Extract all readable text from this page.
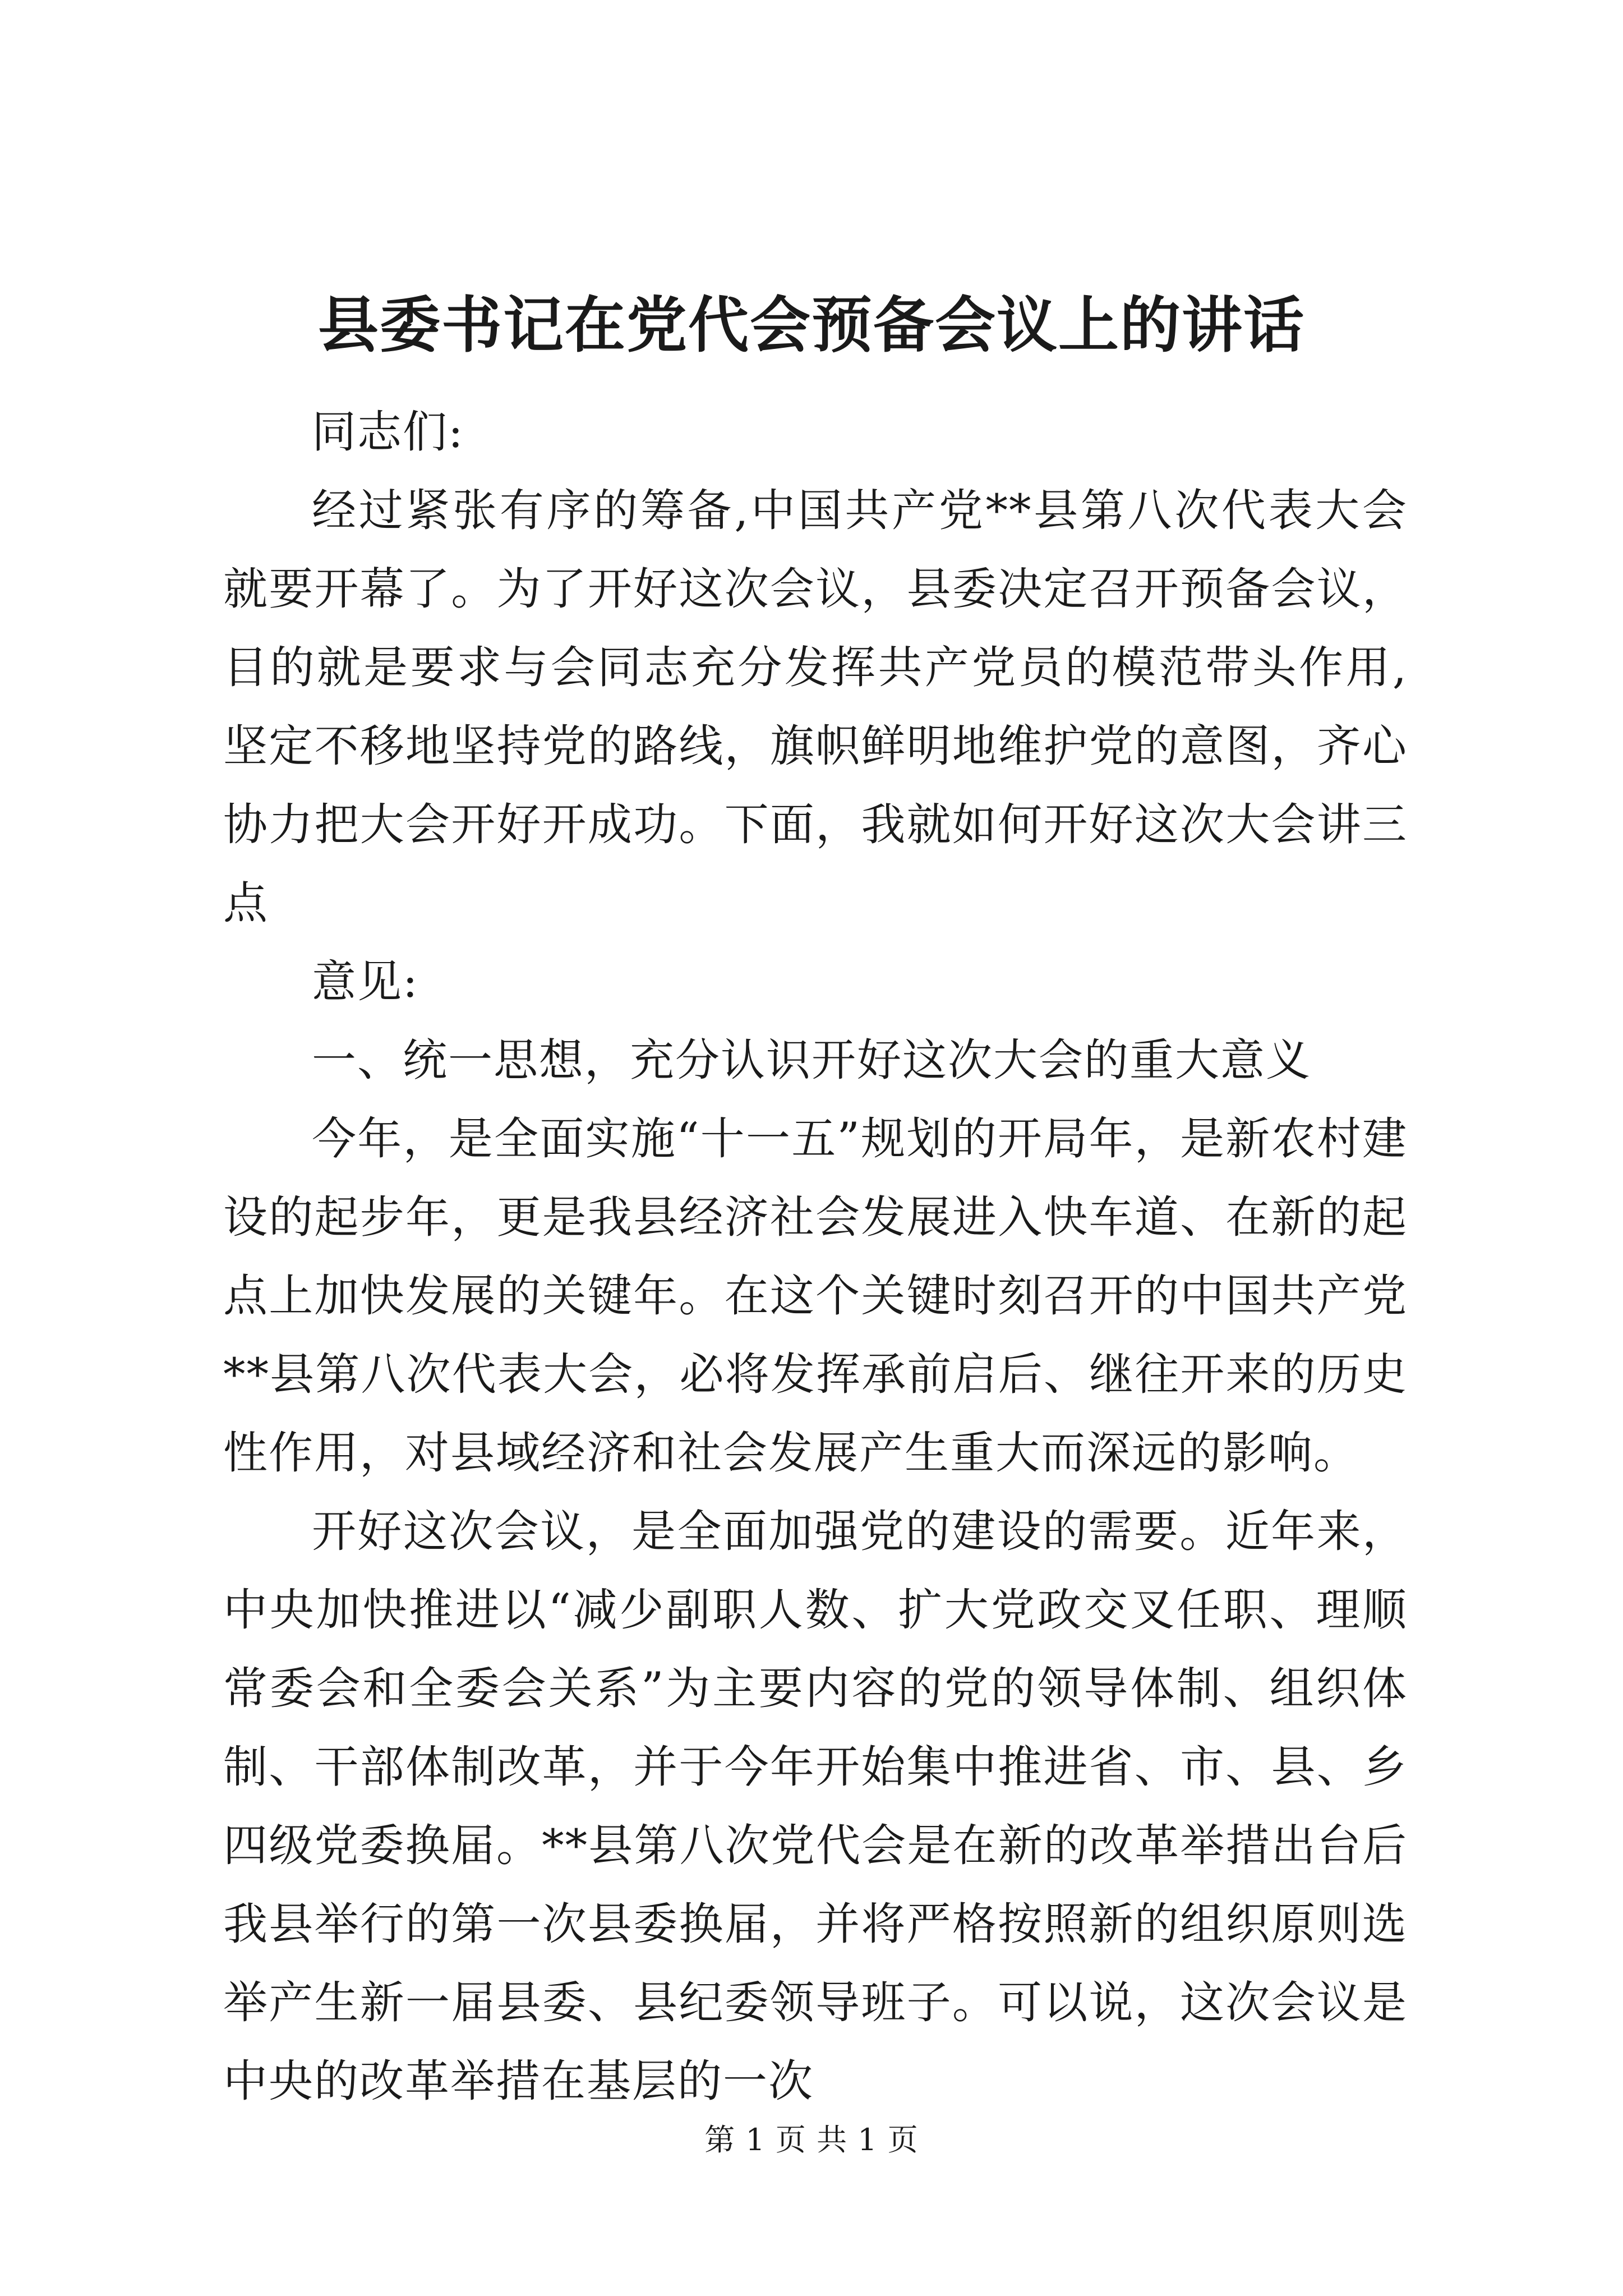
县委书记在党代会预备会议上的讲话

同志们:

经过紧张有序的筹备,中国共产党**县第八次代表大会就要开幕了。为了开好这次会议，县委决定召开预备会议，目的就是要求与会同志充分发挥共产党员的模范带头作用,坚定不移地坚持党的路线，旗帜鲜明地维护党的意图，齐心协力把大会开好开成功。下面，我就如何开好这次大会讲三点

意见:

一、统一思想，充分认识开好这次大会的重大意义

今年，是全面实施“十一五”规划的开局年，是新农村建设的起步年，更是我县经济社会发展进入快车道、在新的起点上加快发展的关键年。在这个关键时刻召开的中国共产党**县第八次代表大会，必将发挥承前启后、继往开来的历史性作用，对县域经济和社会发展产生重大而深远的影响。

开好这次会议，是全面加强党的建设的需要。近年来，中央加快推进以“减少副职人数、扩大党政交叉任职、理顺常委会和全委会关系”为主要内容的党的领导体制、组织体制、干部体制改革，并于今年开始集中推进省、市、县、乡四级党委换届。**县第八次党代会是在新的改革举措出台后我县举行的第一次县委换届，并将严格按照新的组织原则选举产生新一届县委、县纪委领导班子。可以说，这次会议是中央的改革举措在基层的一次

第 1 页 共 1 页
